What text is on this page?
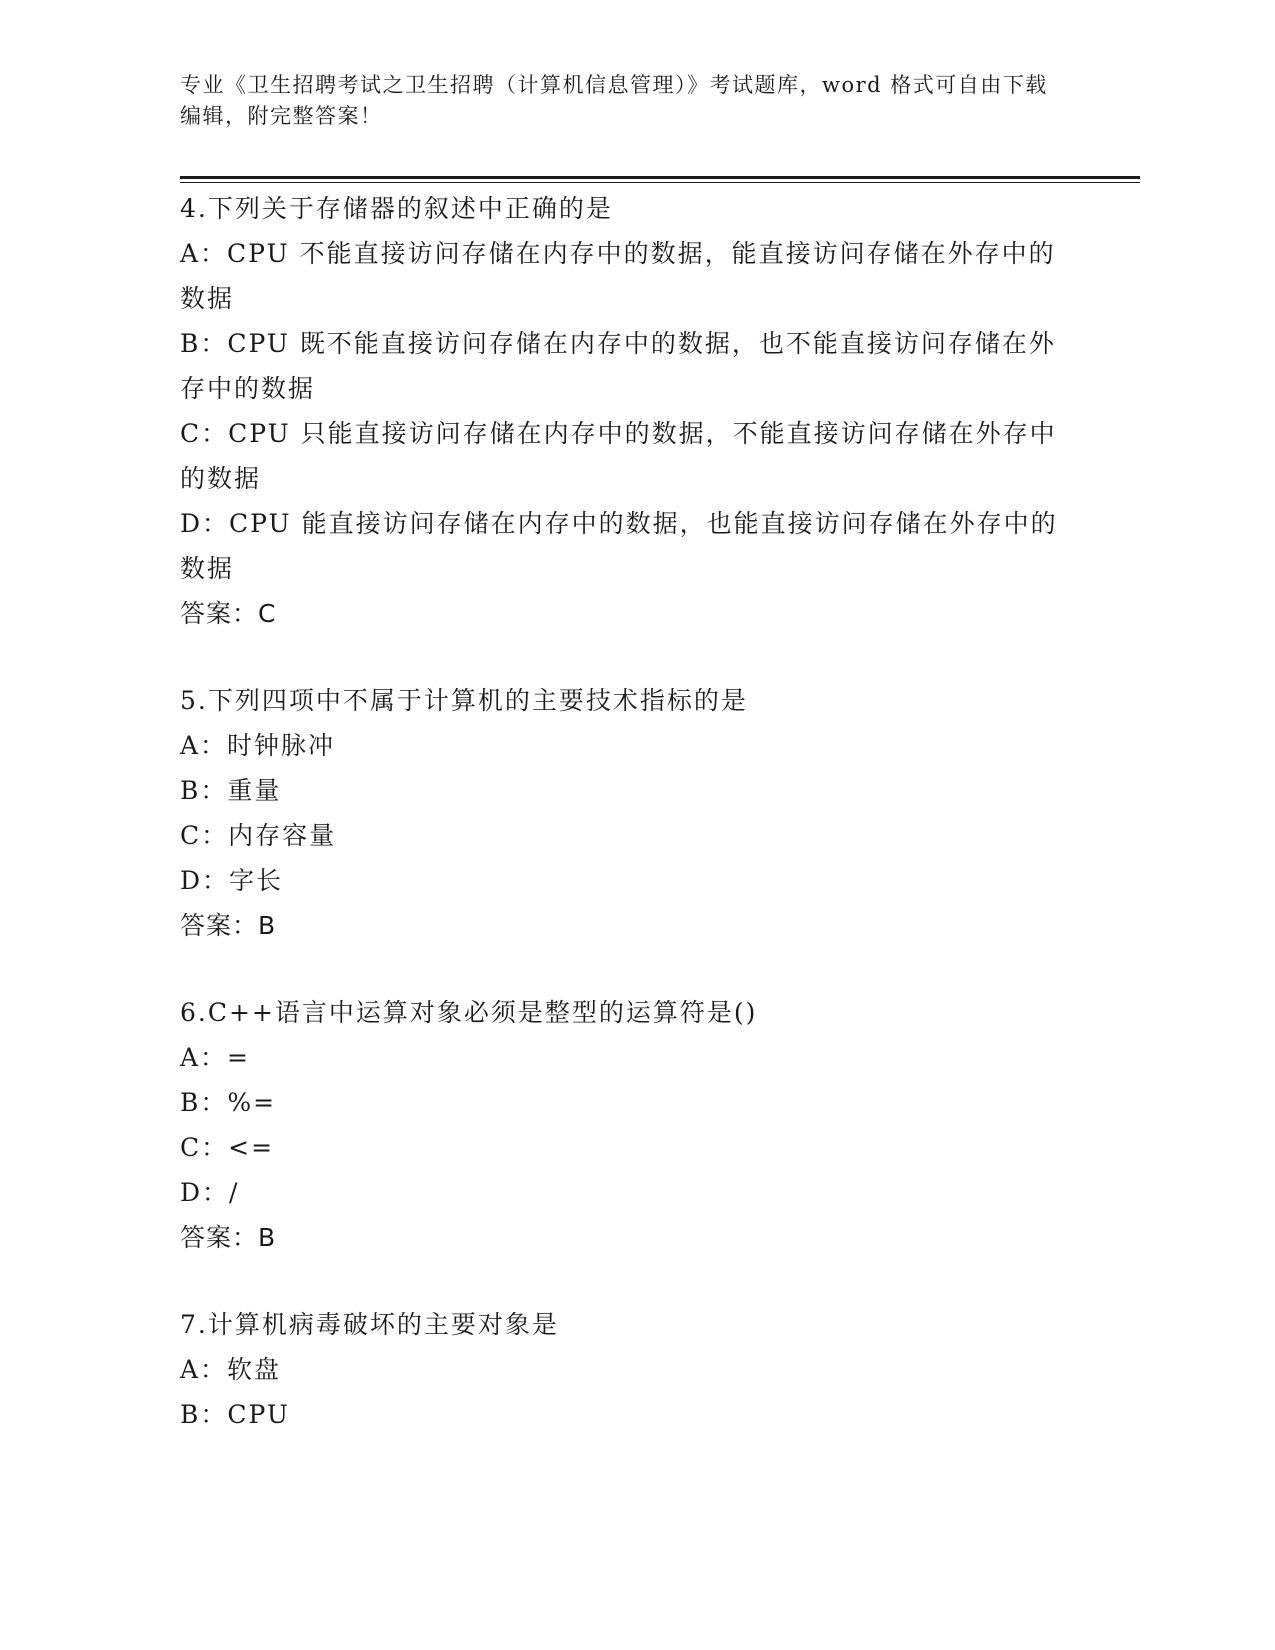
专业《卫生招聘考试之卫生招聘（计算机信息管理）》考试题库，word 格式可自由下载编辑，附完整答案！
4.下列关于存储器的叙述中正确的是
A：CPU 不能直接访问存储在内存中的数据，能直接访问存储在外存中的数据
B：CPU 既不能直接访问存储在内存中的数据，也不能直接访问存储在外存中的数据
C：CPU 只能直接访问存储在内存中的数据，不能直接访问存储在外存中的数据
D：CPU 能直接访问存储在内存中的数据，也能直接访问存储在外存中的数据
答案：C
5.下列四项中不属于计算机的主要技术指标的是
A：时钟脉冲
B：重量
C：内存容量
D：字长
答案：B
6.C++语言中运算对象必须是整型的运算符是()
A：=
B：%=
C：<=
D：/
答案：B
7.计算机病毒破坏的主要对象是
A：软盘
B：CPU
